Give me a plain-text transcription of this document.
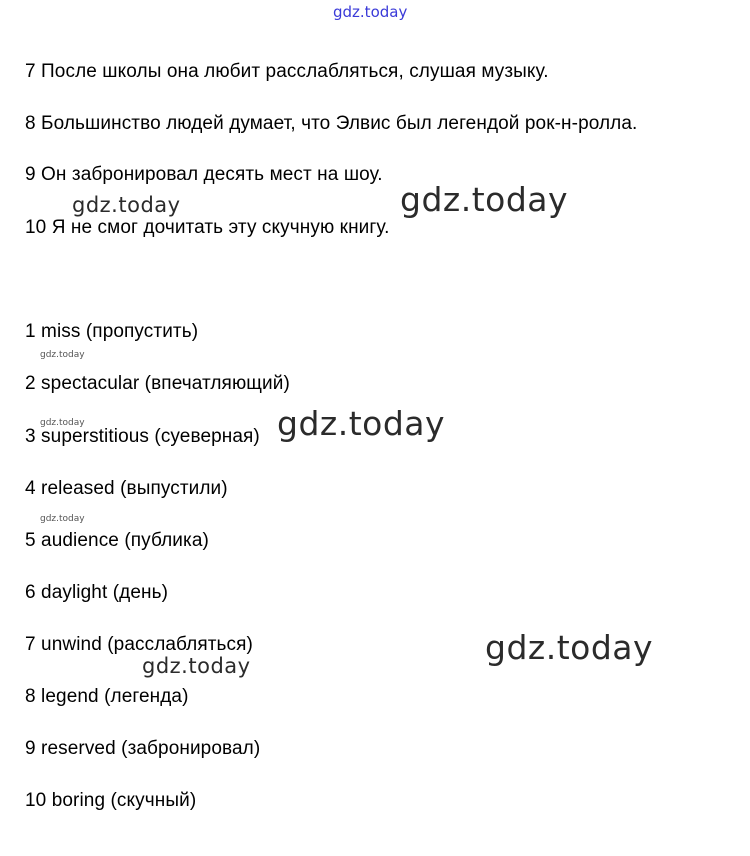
gdz.today
7 После школы она любит расслабляться, слушая музыку.
8 Большинство людей думает, что Элвис был легендой рок-н-ролла.
9 Он забронировал десять мест на шоу.
10 Я не смог дочитать эту скучную книгу.
gdz.today	gdz.today
1 miss (пропустить)
gdz.today
2 spectacular (впечатляющий)
gdz.today
3 superstitious (суеверная) gdz.today
4 released (выпустили)
gdz.today
5 audience (публика)
6 daylight (день)
7 unwind (расслабляться)
gdz.today	gdz.today
8 legend (легенда)
9 reserved (забронировал)
10 boring (скучный)
